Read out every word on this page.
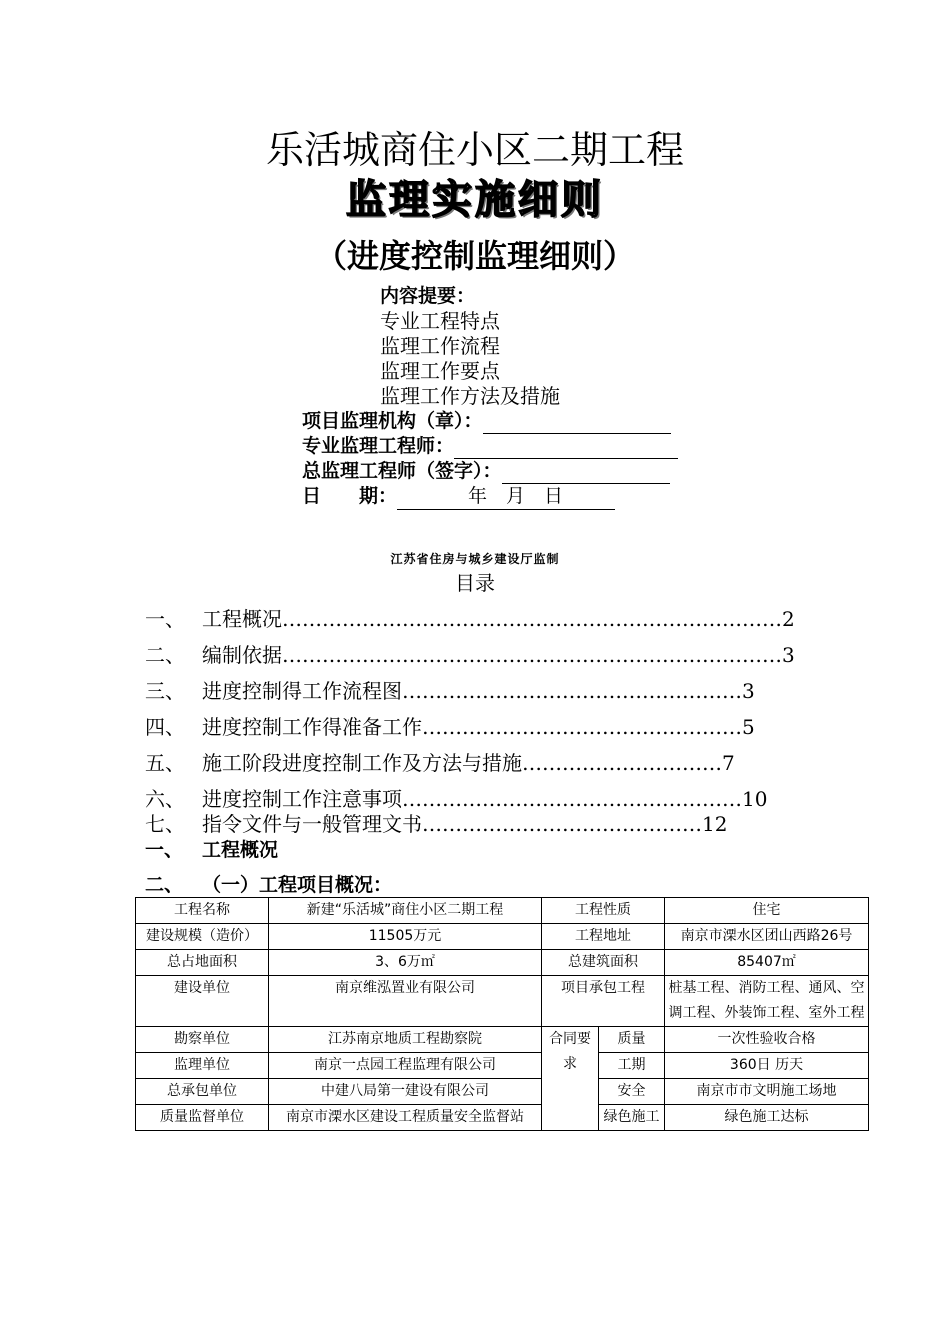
乐活城商住小区二期工程
监理实施细则
（进度控制监理细则）
内容提要：
专业工程特点
监理工作流程
监理工作要点
监理工作方法及措施
项目监理机构（章）：
专业监理工程师：
总监理工程师（签字）：
日　　期：	　年　月　日
江苏省住房与城乡建设厅监制
目录
一、 工程概况…………………………………………………………………2
二、 编制依据…………………………………………………………………3
三、 进度控制得工作流程图……………………………………………3
四、 进度控制工作得准备工作…………………………………………5
五、 施工阶段进度控制工作及方法与措施…………………………7
六、 进度控制工作注意事项……………………………………………10
七、 指令文件与一般管理文书……………………………………12
一、 工程概况
二、 （一）工程项目概况：
工程名称	新建“乐活城”商住小区二期工程	工程性质		住宅
建设规模（造价）	11505万元	工程地址		南京市溧水区团山西路26号
总占地面积	3、6万㎡	总建筑面积		85407㎡
建设单位	南京维泓置业有限公司	项目承包工程		桩基工程、消防工程、通风、空调工程、外装饰工程、室外工程
勘察单位	江苏南京地质工程勘察院	合同要求	质量	一次性验收合格
监理单位	南京一点园工程监理有限公司		工期	360日 历天
总承包单位	中建八局第一建设有限公司		安全	南京市市文明施工场地
质量监督单位	南京市溧水区建设工程质量安全监督站		绿色施工	绿色施工达标
